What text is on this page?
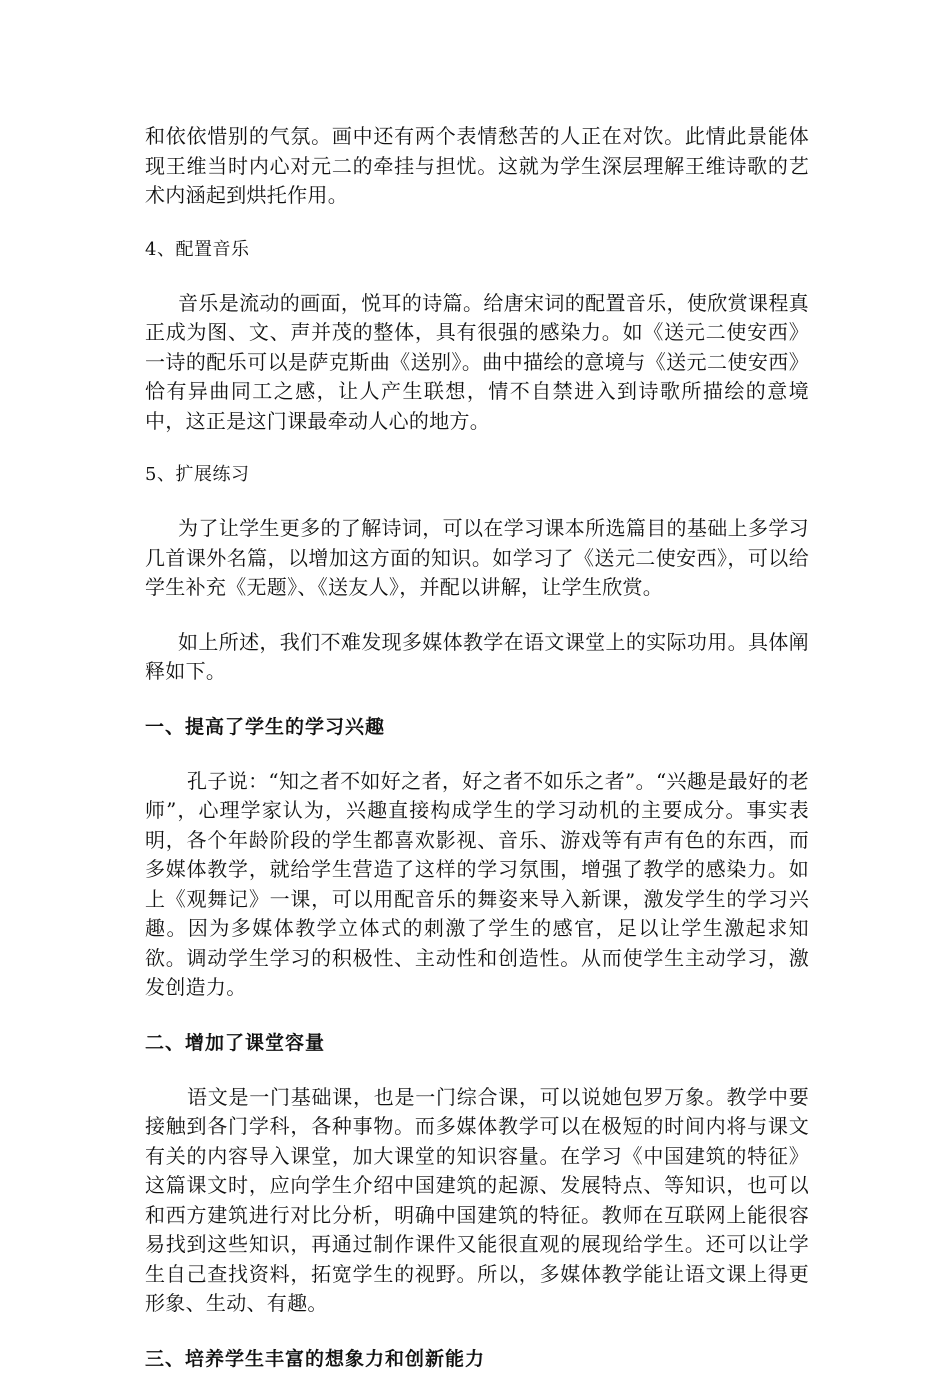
和依依惜别的气氛。画中还有两个表情愁苦的人正在对饮。此情此景能体现王维当时内心对元二的牵挂与担忧。这就为学生深层理解王维诗歌的艺术内涵起到烘托作用。

4、配置音乐

音乐是流动的画面，悦耳的诗篇。给唐宋词的配置音乐，使欣赏课程真正成为图、文、声并茂的整体，具有很强的感染力。如《送元二使安西》一诗的配乐可以是萨克斯曲《送别》。曲中描绘的意境与《送元二使安西》恰有异曲同工之感，让人产生联想，情不自禁进入到诗歌所描绘的意境中，这正是这门课最牵动人心的地方。

5、扩展练习

为了让学生更多的了解诗词，可以在学习课本所选篇目的基础上多学习几首课外名篇，以增加这方面的知识。如学习了《送元二使安西》，可以给学生补充《无题》、《送友人》，并配以讲解，让学生欣赏。

如上所述，我们不难发现多媒体教学在语文课堂上的实际功用。具体阐释如下。

一、提高了学生的学习兴趣

孔子说：“知之者不如好之者，好之者不如乐之者”。“兴趣是最好的老师”，心理学家认为，兴趣直接构成学生的学习动机的主要成分。事实表明，各个年龄阶段的学生都喜欢影视、音乐、游戏等有声有色的东西，而多媒体教学，就给学生营造了这样的学习氛围，增强了教学的感染力。如上《观舞记》一课，可以用配音乐的舞姿来导入新课，激发学生的学习兴趣。因为多媒体教学立体式的刺激了学生的感官，足以让学生激起求知欲。调动学生学习的积极性、主动性和创造性。从而使学生主动学习，激发创造力。

二、增加了课堂容量

语文是一门基础课，也是一门综合课，可以说她包罗万象。教学中要接触到各门学科，各种事物。而多媒体教学可以在极短的时间内将与课文有关的内容导入课堂，加大课堂的知识容量。在学习《中国建筑的特征》这篇课文时，应向学生介绍中国建筑的起源、发展特点、等知识，也可以和西方建筑进行对比分析，明确中国建筑的特征。教师在互联网上能很容易找到这些知识，再通过制作课件又能很直观的展现给学生。还可以让学生自己查找资料，拓宽学生的视野。所以，多媒体教学能让语文课上得更形象、生动、有趣。

三、培养学生丰富的想象力和创新能力
